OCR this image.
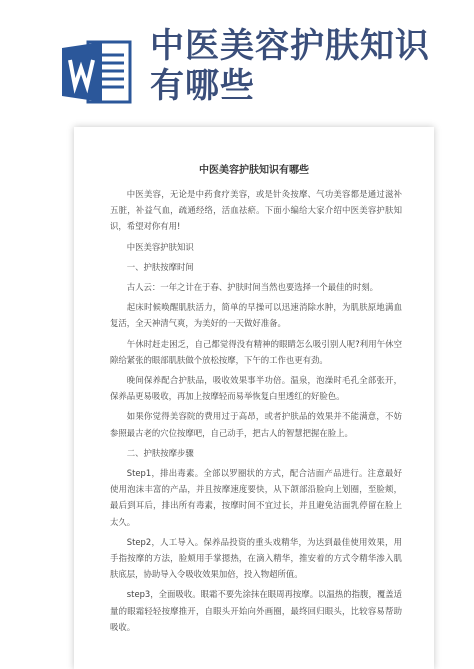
中医美容护肤知识
有哪些
中医美容护肤知识有哪些

中医美容，无论是中药食疗美容，或是针灸按摩、气功美容都是通过滋补五脏，补益气血，疏通经络，活血祛瘀。下面小编给大家介绍中医美容护肤知识，希望对你有用!

中医美容护肤知识

一、护肤按摩时间

古人云：一年之计在于春、护肤时间当然也要选择一个最佳的时刻。

起床时候唤醒肌肤活力，简单的早操可以迅速消除水肿，为肌肤原地满血复活，全天神清气爽，为美好的一天做好准备。

午休时赶走困乏，自己都觉得没有精神的眼睛怎么吸引别人呢?利用午休空隙给紧张的眼部肌肤做个放松按摩，下午的工作也更有劲。

晚间保养配合护肤品，吸收效果事半功倍。温泉，泡澡时毛孔全部张开，保养品更易吸收，再加上按摩轻而易举恢复白里透红的好脸色。

如果你觉得美容院的费用过于高昂，或者护肤品的效果并不能满意，不妨参照最古老的穴位按摩吧，自己动手，把古人的智慧把握在脸上。

二、护肤按摩步骤

Step1，排出毒素。全部以罗圈状的方式，配合洁面产品进行。注意最好使用泡沫丰富的产品，并且按摩速度要快，从下颌部沿脸向上划圈，至脸颊，最后到耳后，排出所有毒素，按摩时间不宜过长，并且避免洁面乳停留在脸上太久。

Step2，人工导入。保养品投资的重头戏精华，为达到最佳使用效果，用手指按摩的方法，脸颊用手掌摁热，在滴入精华，推安着的方式令精华渗入肌肤底层，协助导入令吸收效果加倍，投入物超所值。

step3，全面吸收。眼霜不要先涂抹在眼周再按摩。以温热的指腹，覆盖适量的眼霜轻轻按摩推开，自眼头开始向外画圈，最终回归眼头，比较容易帮助吸收。
